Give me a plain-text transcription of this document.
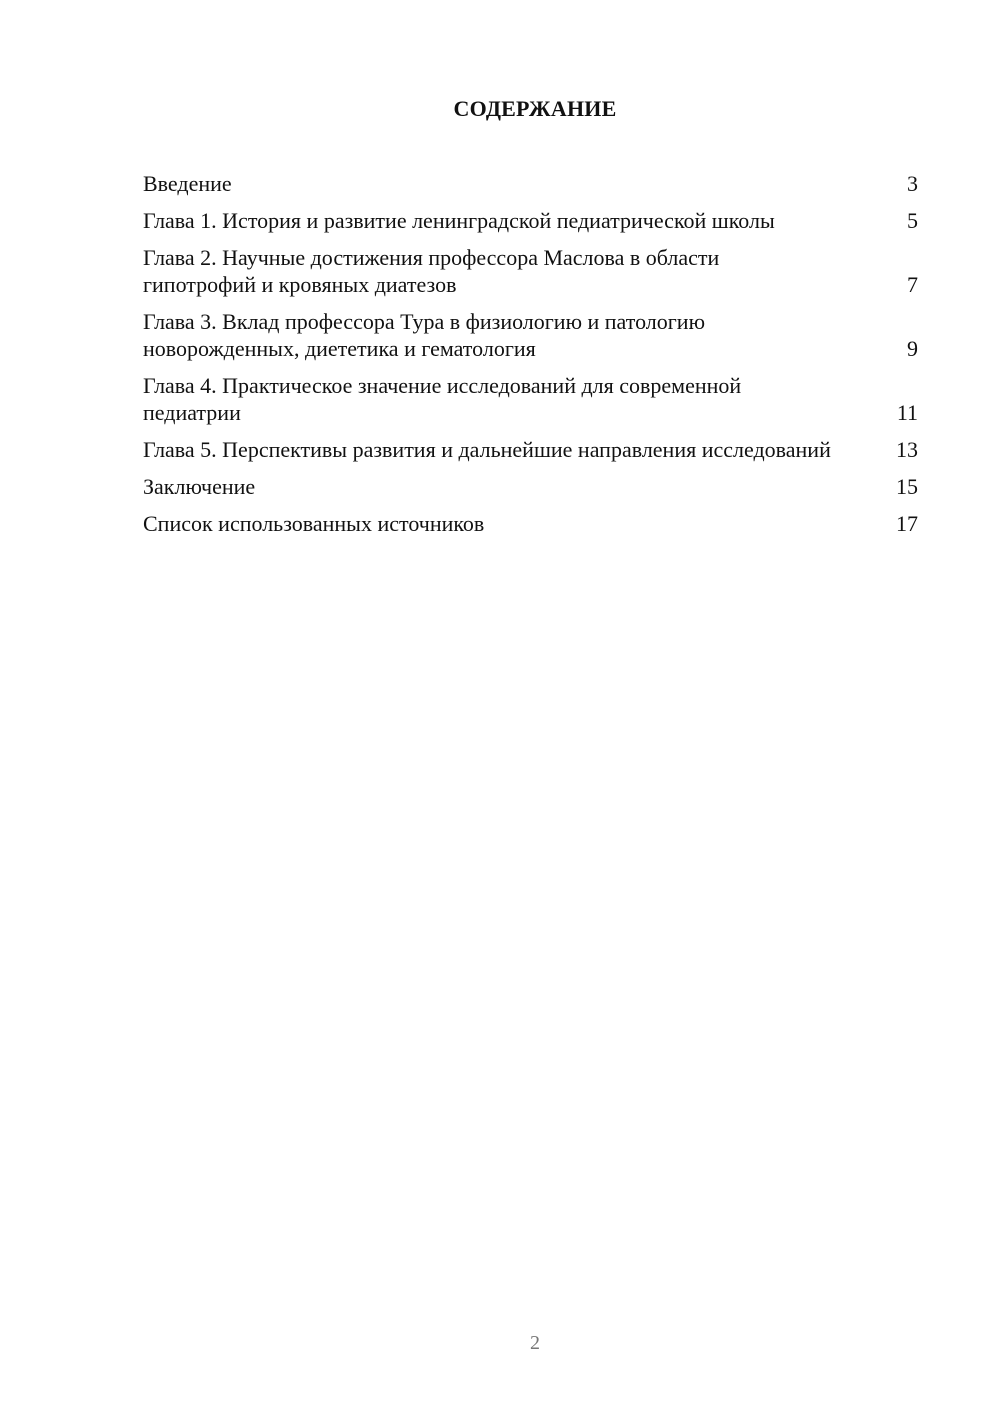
СОДЕРЖАНИЕ
Введение	3
Глава 1. История и развитие ленинградской педиатрической школы	5
Глава 2. Научные достижения профессора Маслова в области гипотрофий и кровяных диатезов	7
Глава 3. Вклад профессора Тура в физиологию и патологию новорожденных, диететика и гематология	9
Глава 4. Практическое значение исследований для современной педиатрии	11
Глава 5. Перспективы развития и дальнейшие направления исследований	13
Заключение	15
Список использованных источников	17
2
